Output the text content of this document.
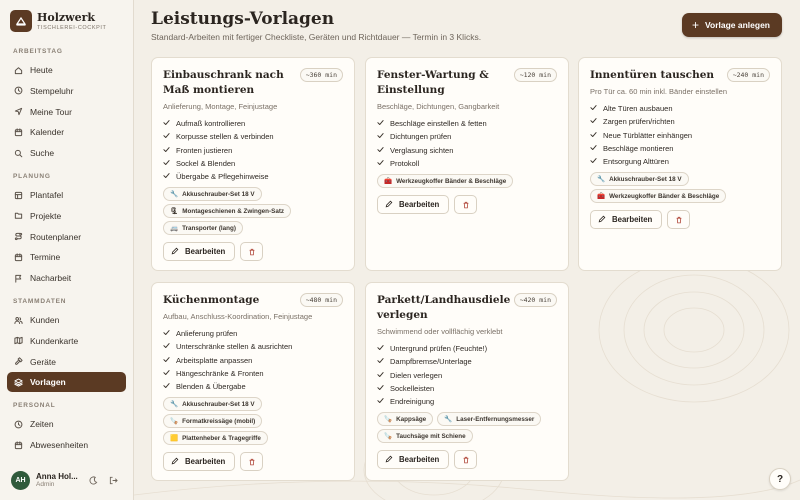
Holzwerk
TISCHLEREI-COCKPIT
ARBEITSTAG
Heute
Stempeluhr
Meine Tour
Kalender
Suche
PLANUNG
Plantafel
Projekte
Routenplaner
Termine
Nacharbeit
STAMMDATEN
Kunden
Kundenkarte
Geräte
Vorlagen
PERSONAL
Zeiten
Abwesenheiten
AH	Anna Hol...
Admin
Leistungs-Vorlagen
Standard-Arbeiten mit fertiger Checkliste, Geräten und Richtdauer — Termin in 3 Klicks.
+ Vorlage anlegen
Einbauschrank nach Maß montieren
~360 min
Anlieferung, Montage, Feinjustage
Aufmaß kontrollieren
Korpusse stellen & verbinden
Fronten justieren
Sockel & Blenden
Übergabe & Pflegehinweise
🔧 Akkuschrauber-Set 18 V
🗜 Montageschienen & Zwingen-Satz
🚐 Transporter (lang)
Bearbeiten
Fenster-Wartung & Einstellung
~120 min
Beschläge, Dichtungen, Gangbarkeit
Beschläge einstellen & fetten
Dichtungen prüfen
Verglasung sichten
Protokoll
🧰 Werkzeugkoffer Bänder & Beschläge
Bearbeiten
Innentüren tauschen	~240 min
Pro Tür ca. 60 min inkl. Bänder einstellen
Alte Türen ausbauen
Zargen prüfen/richten
Neue Türblätter einhängen
Beschläge montieren
Entsorgung Alttüren
🔧 Akkuschrauber-Set 18 V
🧰 Werkzeugkoffer Bänder & Beschläge
Bearbeiten
Küchenmontage	~480 min
Aufbau, Anschluss-Koordination, Feinjustage
Anlieferung prüfen
Unterschränke stellen & ausrichten
Arbeitsplatte anpassen
Hängeschränke & Fronten
Blenden & Übergabe
🔧 Akkuschrauber-Set 18 V
🪚 Formatkreissäge (mobil)
🟨 Plattenheber & Tragegriffe
Bearbeiten
Parkett/Landhausdiele verlegen
~420 min
Schwimmend oder vollflächig verklebt
Untergrund prüfen (Feuchte!)
Dampfbremse/Unterlage
Dielen verlegen
Sockelleisten
Endreinigung
🪚 Kappsäge	🔧 Laser-Entfernungsmesser
🪚 Tauchsäge mit Schiene
Bearbeiten
?
